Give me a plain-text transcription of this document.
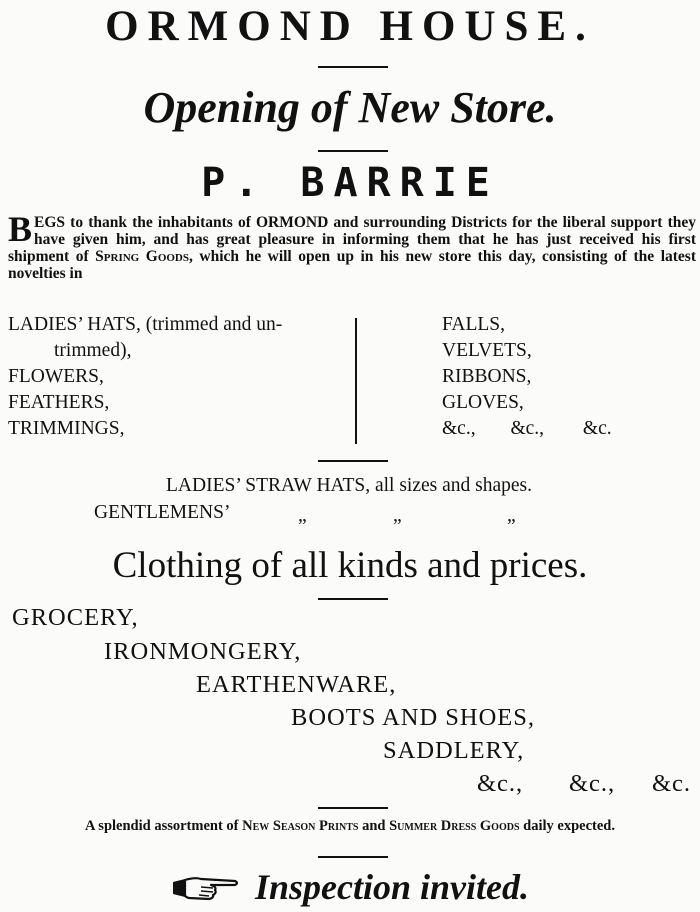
ORMOND HOUSE.
Opening of New Store.
P. BARRIE
BEGS to thank the inhabitants of ORMOND and surrounding Districts for the liberal support they have given him, and has great pleasure in informing them that he has just received his first shipment of Spring Goods, which he will open up in his new store this day, consisting of the latest novelties in
LADIES’ HATS, (trimmed and un-
trimmed),
FLOWERS,
FEATHERS,
TRIMMINGS,
FALLS,
VELVETS,
RIBBONS,
GLOVES,
&c., &c., &c.
LADIES’ STRAW HATS, all sizes and shapes.
GENTLEMENS’	„	„	„
Clothing of all kinds and prices.
GROCERY,
IRONMONGERY,
EARTHENWARE,
BOOTS AND SHOES,
SADDLERY,
&c., &c., &c.
A splendid assortment of New Season Prints and Summer Dress Goods daily expected.
Inspection invited.
